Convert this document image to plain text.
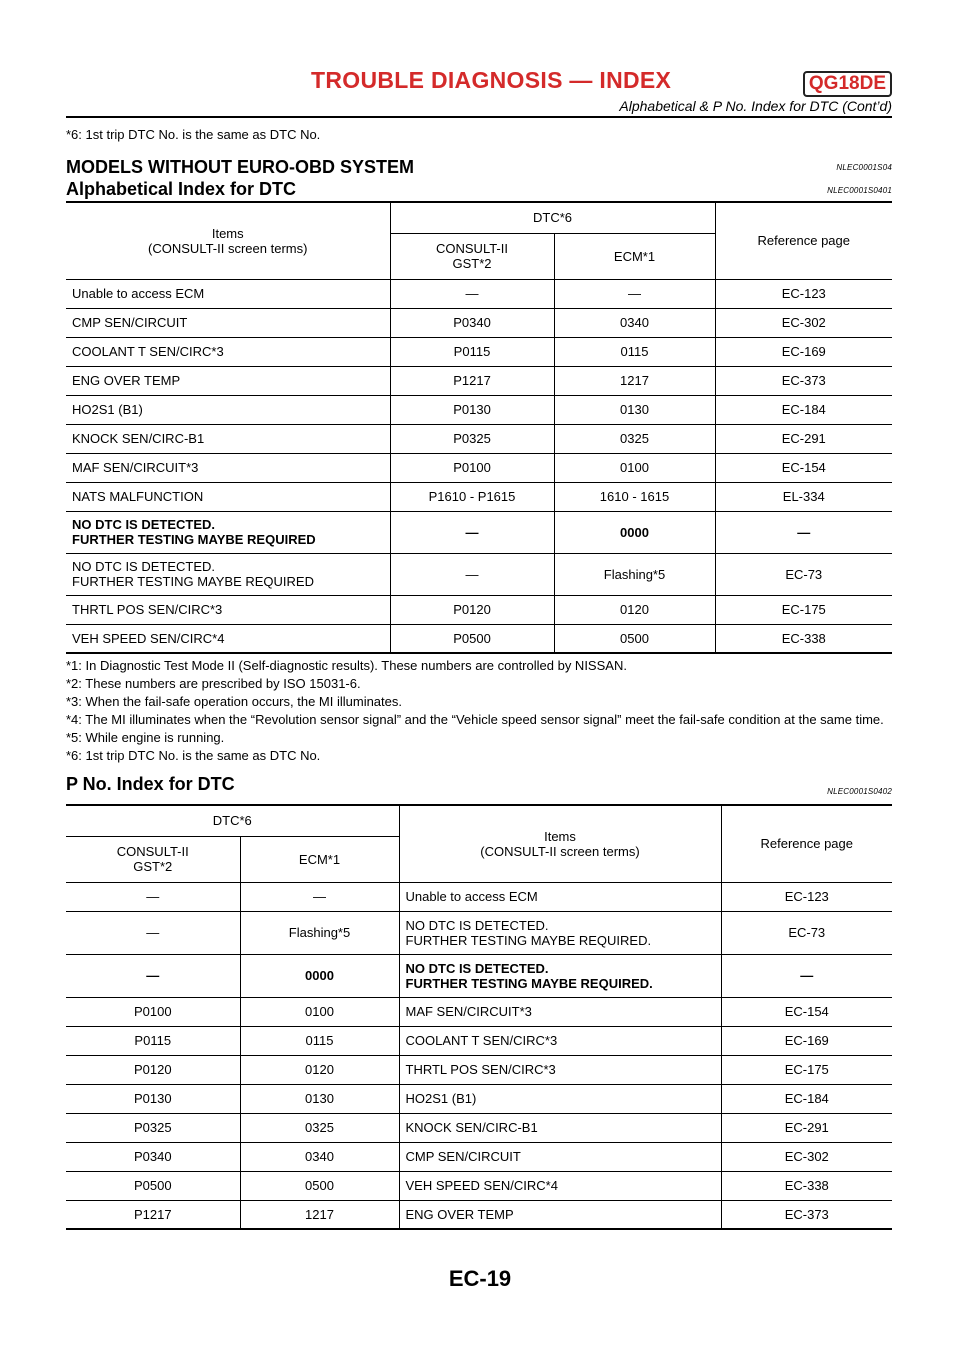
TROUBLE DIAGNOSIS — INDEX	QG18DE
Alphabetical & P No. Index for DTC (Cont’d)

*6: 1st trip DTC No. is the same as DTC No.

MODELS WITHOUT EURO-OBD SYSTEM	NLEC0001S04
Alphabetical Index for DTC	NLEC0001S0401
Items
(CONSULT-II screen terms)	DTC*6		Reference page
	CONSULT-II
GST*2	ECM*1	
Unable to access ECM	—	—	EC-123
CMP SEN/CIRCUIT	P0340	0340	EC-302
COOLANT T SEN/CIRC*3	P0115	0115	EC-169
ENG OVER TEMP	P1217	1217	EC-373
HO2S1 (B1)	P0130	0130	EC-184
KNOCK SEN/CIRC-B1	P0325	0325	EC-291
MAF SEN/CIRCUIT*3	P0100	0100	EC-154
NATS MALFUNCTION	P1610 - P1615	1610 - 1615	EL-334
NO DTC IS DETECTED.
FURTHER TESTING MAYBE REQUIRED	—	0000	—
NO DTC IS DETECTED.
FURTHER TESTING MAYBE REQUIRED	—	Flashing*5	EC-73
THRTL POS SEN/CIRC*3	P0120	0120	EC-175
VEH SPEED SEN/CIRC*4	P0500	0500	EC-338

*1: In Diagnostic Test Mode II (Self-diagnostic results). These numbers are controlled by NISSAN.

*2: These numbers are prescribed by ISO 15031-6.

*3: When the fail-safe operation occurs, the MI illuminates.

*4: The MI illuminates when the “Revolution sensor signal” and the “Vehicle speed sensor signal” meet the fail-safe condition at the same time.

*5: While engine is running.

*6: 1st trip DTC No. is the same as DTC No.

P No. Index for DTC	NLEC0001S0402
DTC*6		Items
(CONSULT-II screen terms)	Reference page
CONSULT-II
GST*2	ECM*1		
—	—	Unable to access ECM	EC-123
—	Flashing*5	NO DTC IS DETECTED.
FURTHER TESTING MAYBE REQUIRED.	EC-73
—	0000	NO DTC IS DETECTED.
FURTHER TESTING MAYBE REQUIRED.	—
P0100	0100	MAF SEN/CIRCUIT*3	EC-154
P0115	0115	COOLANT T SEN/CIRC*3	EC-169
P0120	0120	THRTL POS SEN/CIRC*3	EC-175
P0130	0130	HO2S1 (B1)	EC-184
P0325	0325	KNOCK SEN/CIRC-B1	EC-291
P0340	0340	CMP SEN/CIRCUIT	EC-302
P0500	0500	VEH SPEED SEN/CIRC*4	EC-338
P1217	1217	ENG OVER TEMP	EC-373
EC-19
